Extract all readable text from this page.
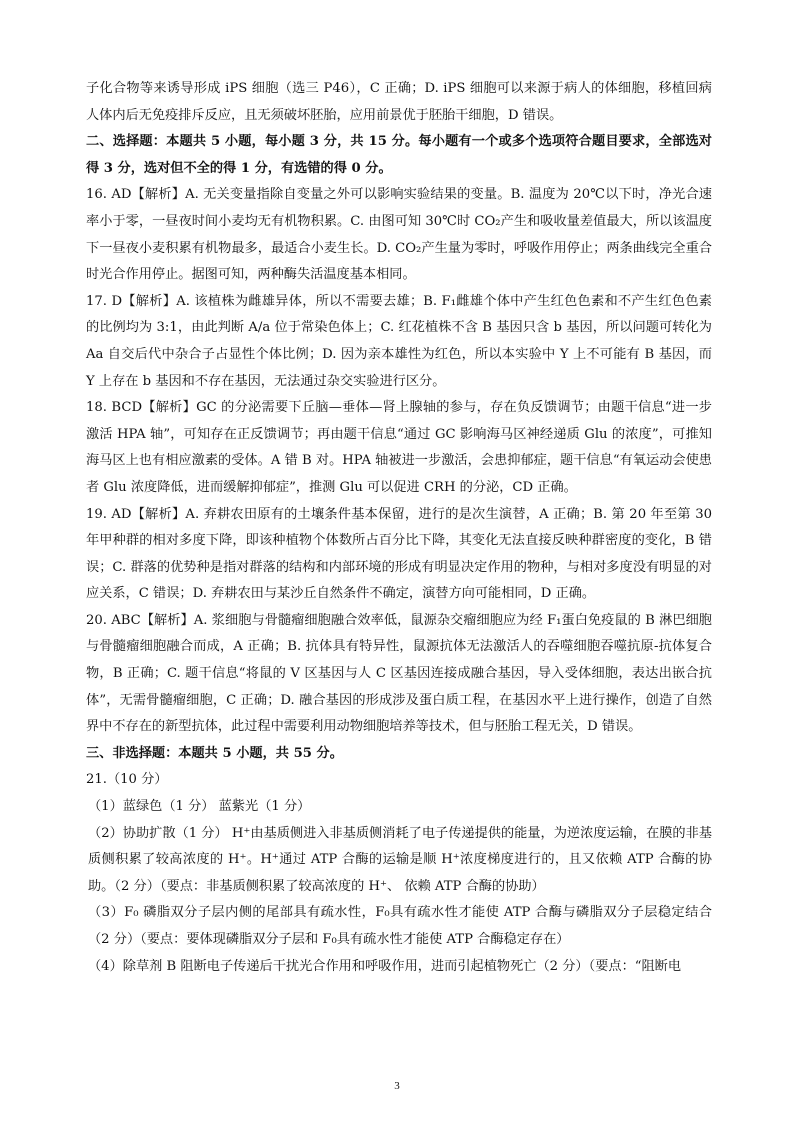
子化合物等来诱导形成 iPS 细胞（选三 P46），C 正确；D. iPS 细胞可以来源于病人的体细胞，移植回病人体内后无免疫排斥反应，且无须破坏胚胎，应用前景优于胚胎干细胞，D 错误。

二、选择题：本题共 5 小题，每小题 3 分，共 15 分。每小题有一个或多个选项符合题目要求，全部选对得 3 分，选对但不全的得 1 分，有选错的得 0 分。

16. AD【解析】A. 无关变量指除自变量之外可以影响实验结果的变量。B. 温度为 20℃以下时，净光合速率小于零，一昼夜时间小麦均无有机物积累。C. 由图可知 30℃时 CO₂产生和吸收量差值最大，所以该温度下一昼夜小麦积累有机物最多，最适合小麦生长。D. CO₂产生量为零时，呼吸作用停止；两条曲线完全重合时光合作用停止。据图可知，两种酶失活温度基本相同。

17. D【解析】A. 该植株为雌雄异体，所以不需要去雄；B. F₁雌雄个体中产生红色色素和不产生红色色素的比例均为 3:1，由此判断 A/a 位于常染色体上；C. 红花植株不含 B 基因只含 b 基因，所以问题可转化为 Aa 自交后代中杂合子占显性个体比例；D. 因为亲本雄性为红色，所以本实验中 Y 上不可能有 B 基因，而 Y 上存在 b 基因和不存在基因，无法通过杂交实验进行区分。

18. BCD【解析】GC 的分泌需要下丘脑—垂体—肾上腺轴的参与，存在负反馈调节；由题干信息“进一步激活 HPA 轴”，可知存在正反馈调节；再由题干信息“通过 GC 影响海马区神经递质 Glu 的浓度”，可推知海马区上也有相应激素的受体。A 错 B 对。HPA 轴被进一步激活，会患抑郁症，题干信息“有氧运动会使患者 Glu 浓度降低，进而缓解抑郁症”，推测 Glu 可以促进 CRH 的分泌，CD 正确。

19. AD【解析】A. 弃耕农田原有的土壤条件基本保留，进行的是次生演替，A 正确；B. 第 20 年至第 30 年甲种群的相对多度下降，即该种植物个体数所占百分比下降，其变化无法直接反映种群密度的变化，B 错误；C. 群落的优势种是指对群落的结构和内部环境的形成有明显决定作用的物种，与相对多度没有明显的对应关系，C 错误；D. 弃耕农田与某沙丘自然条件不确定，演替方向可能相同，D 正确。

20. ABC【解析】A. 浆细胞与骨髓瘤细胞融合效率低，鼠源杂交瘤细胞应为经 F₁蛋白免疫鼠的 B 淋巴细胞与骨髓瘤细胞融合而成，A 正确；B. 抗体具有特异性，鼠源抗体无法激活人的吞噬细胞吞噬抗原-抗体复合物，B 正确；C. 题干信息“将鼠的 V 区基因与人 C 区基因连接成融合基因，导入受体细胞，表达出嵌合抗体”，无需骨髓瘤细胞，C 正确；D. 融合基因的形成涉及蛋白质工程，在基因水平上进行操作，创造了自然界中不存在的新型抗体，此过程中需要利用动物细胞培养等技术，但与胚胎工程无关，D 错误。

三、非选择题：本题共 5 小题，共 55 分。

21.（10 分）

（1）蓝绿色（1 分） 蓝紫光（1 分）

（2）协助扩散（1 分） H⁺由基质侧进入非基质侧消耗了电子传递提供的能量，为逆浓度运输，在膜的非基质侧积累了较高浓度的 H⁺。H⁺通过 ATP 合酶的运输是顺 H⁺浓度梯度进行的，且又依赖 ATP 合酶的协助。（2 分）（要点：非基质侧积累了较高浓度的 H⁺、 依赖 ATP 合酶的协助）

（3）F₀ 磷脂双分子层内侧的尾部具有疏水性，F₀具有疏水性才能使 ATP 合酶与磷脂双分子层稳定结合（2 分）（要点：要体现磷脂双分子层和 F₀具有疏水性才能使 ATP 合酶稳定存在）

（4）除草剂 B 阻断电子传递后干扰光合作用和呼吸作用，进而引起植物死亡（2 分）（要点：“阻断电

3
